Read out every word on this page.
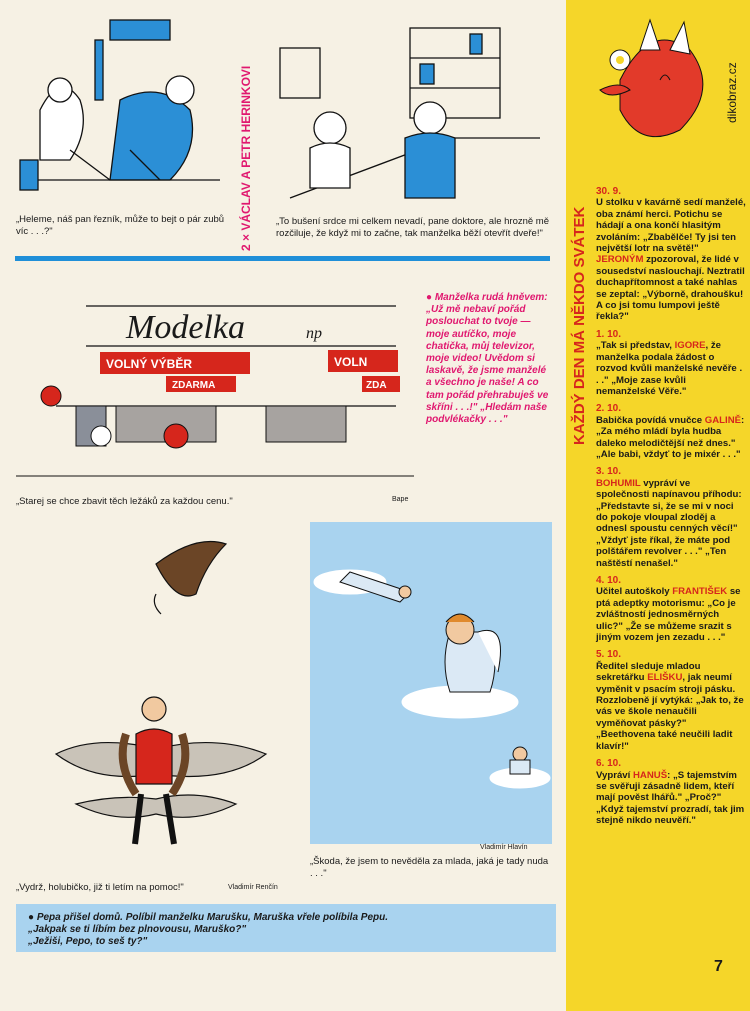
„Heleme, náš pan řezník, může to bejt o pár zubů víc . . .?"	2 × VÁCLAV A PETR HERINKOVI „To bušení srdce mi celkem nevadí, pane doktore, ale hrozně mě rozčiluje, že když mi to začne, tak manželka běží otevřít dveře!"
Modelka	np
VOLNÝ VÝBĚR	VOLN
ZDARMA	ZDA
„Starej se chce zbavit těch ležáků za každou cenu."	Bape
● Manželka rudá hněvem: „Už mě nebaví pořád poslouchat to tvoje — moje autíčko, moje chatička, můj televizor, moje video! Uvědom si laskavě, že jsme manželé a všechno je naše! A co tam pořád přehrabuješ ve skříni . . .!" „Hledám naše podvlékačky . . ."
„Vydrž, holubičko, již ti letím na pomoc!"	Vladimír Renčín
Vladimír Hlavín
„Škoda, že jsem to nevěděla za mlada, jaká je tady nuda . . ."
● Pepa přišel domů. Políbil manželku Marušku, Maruška vřele políbila Pepu.
„Jakpak se ti líbím bez plnovousu, Maruško?"
„Ježiši, Pepo, to seš ty?"
dikobraz.cz
KAŽDÝ DEN MÁ NĚKDO SVÁTEK
30. 9.
U stolku v kavárně sedí manželé, oba známí herci. Potichu se hádají a ona končí hlasitým zvoláním: „Zbabělče! Ty jsi ten největší lotr na světě!" JERONÝM zpozoroval, že lidé v sousedství naslouchají. Neztratil duchapřítomnost a také nahlas se zeptal: „Výborně, drahoušku! A co jsi tomu lumpovi ještě řekla?"
1. 10.
„Tak si představ, IGORE, že manželka podala žádost o rozvod kvůli manželské nevěře . . ." „Moje zase kvůli nemanželské Věře."
2. 10.
Babička povídá vnučce GALINĚ: „Za mého mládí byla hudba daleko melodičtější než dnes." „Ale babi, vždyť to je mixér . . ."
3. 10.
BOHUMIL vypráví ve společnosti napínavou příhodu: „Představte si, že se mi v noci do pokoje vloupal zloděj a odnesl spoustu cenných věcí!" „Vždyť jste říkal, že máte pod polštářem revolver . . ." „Ten naštěstí nenašel."
4. 10.
Učitel autoškoly FRANTIŠEK se ptá adeptky motorismu: „Co je zvláštností jednosměrných ulic?" „Že se můžeme srazit s jiným vozem jen zezadu . . ."
5. 10.
Ředitel sleduje mladou sekretářku ELIŠKU, jak neumí vyměnit v psacím stroji pásku. Rozzlobeně jí vytýká: „Jak to, že vás ve škole nenaučili vyměňovat pásky?" „Beethovena také neučili ladit klavír!"
6. 10.
Vypráví HANUŠ: „S tajemstvím se svěřuji zásadně lidem, kteří mají pověst lhářů." „Proč?" „Když tajemství prozradí, tak jim stejně nikdo neuvěří."
7
